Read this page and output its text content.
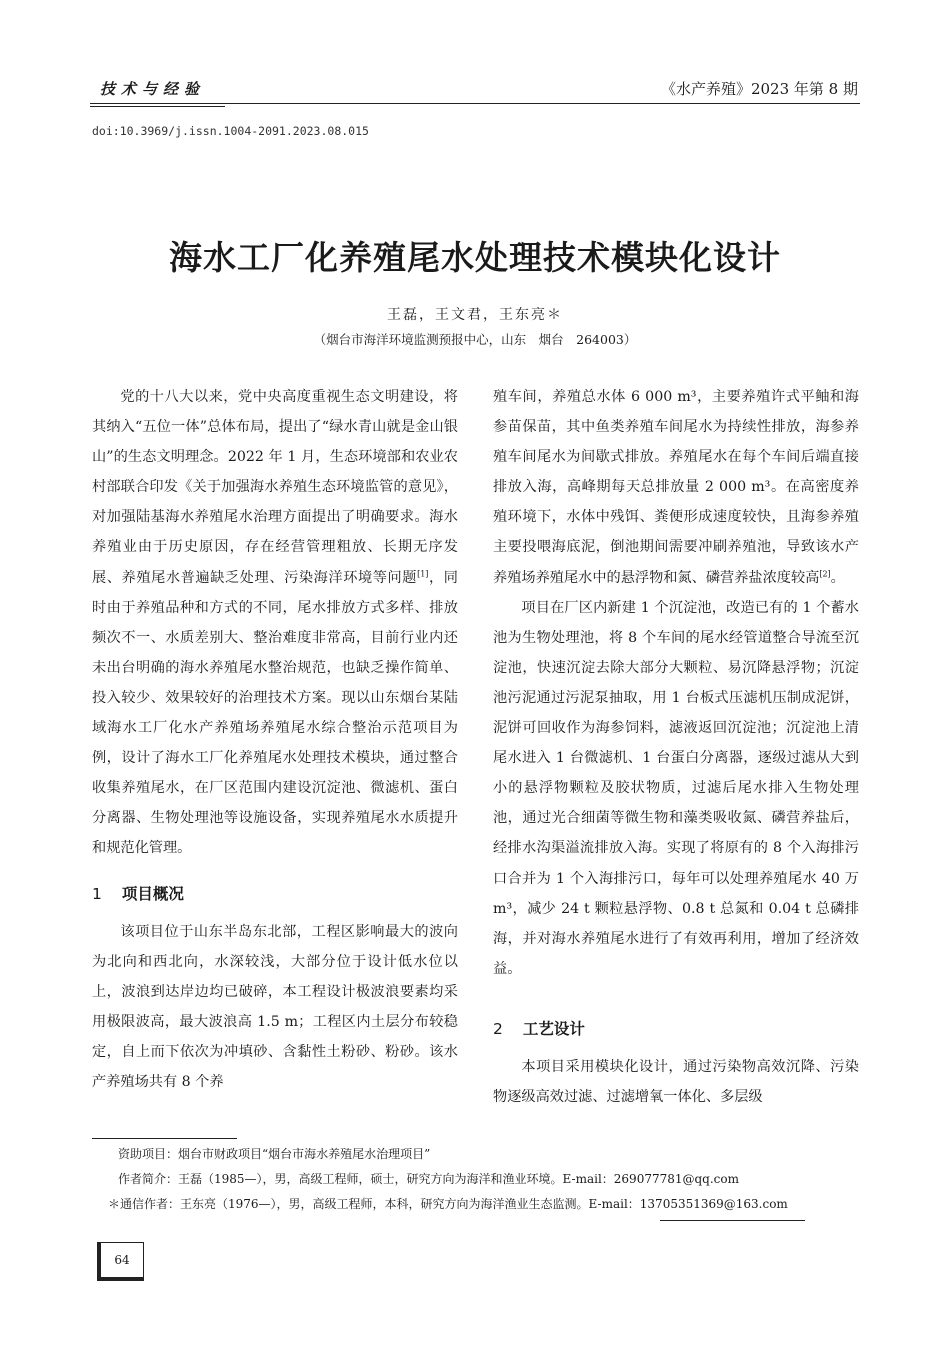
技术与经验	《水产养殖》2023 年第 8 期
doi:10.3969/j.issn.1004-2091.2023.08.015
海水工厂化养殖尾水处理技术模块化设计
王磊，王文君，王东亮＊
（烟台市海洋环境监测预报中心，山东　烟台　264003）

党的十八大以来，党中央高度重视生态文明建设，将其纳入“五位一体”总体布局，提出了“绿水青山就是金山银山”的生态文明理念。2022 年 1 月，生态环境部和农业农村部联合印发《关于加强海水养殖生态环境监管的意见》，对加强陆基海水养殖尾水治理方面提出了明确要求。海水养殖业由于历史原因，存在经营管理粗放、长期无序发展、养殖尾水普遍缺乏处理、污染海洋环境等问题[1]，同时由于养殖品种和方式的不同，尾水排放方式多样、排放频次不一、水质差别大、整治难度非常高，目前行业内还未出台明确的海水养殖尾水整治规范，也缺乏操作简单、投入较少、效果较好的治理技术方案。现以山东烟台某陆域海水工厂化水产养殖场养殖尾水综合整治示范项目为例，设计了海水工厂化养殖尾水处理技术模块，通过整合收集养殖尾水，在厂区范围内建设沉淀池、微滤机、蛋白分离器、生物处理池等设施设备，实现养殖尾水水质提升和规范化管理。

1 项目概况

该项目位于山东半岛东北部，工程区影响最大的波向为北向和西北向，水深较浅，大部分位于设计低水位以上，波浪到达岸边均已破碎，本工程设计极波浪要素均采用极限波高，最大波浪高 1.5 m；工程区内土层分布较稳定，自上而下依次为冲填砂、含黏性土粉砂、粉砂。该水产养殖场共有 8 个养

殖车间，养殖总水体 6 000 m³，主要养殖许式平鲉和海参苗保苗，其中鱼类养殖车间尾水为持续性排放，海参养殖车间尾水为间歇式排放。养殖尾水在每个车间后端直接排放入海，高峰期每天总排放量 2 000 m³。在高密度养殖环境下，水体中残饵、粪便形成速度较快，且海参养殖主要投喂海底泥，倒池期间需要冲刷养殖池，导致该水产养殖场养殖尾水中的悬浮物和氮、磷营养盐浓度较高[2]。

项目在厂区内新建 1 个沉淀池，改造已有的 1 个蓄水池为生物处理池，将 8 个车间的尾水经管道整合导流至沉淀池，快速沉淀去除大部分大颗粒、易沉降悬浮物；沉淀池污泥通过污泥泵抽取，用 1 台板式压滤机压制成泥饼，泥饼可回收作为海参饲料，滤液返回沉淀池；沉淀池上清尾水进入 1 台微滤机、1 台蛋白分离器，逐级过滤从大到小的悬浮物颗粒及胶状物质，过滤后尾水排入生物处理池，通过光合细菌等微生物和藻类吸收氮、磷营养盐后，经排水沟渠溢流排放入海。实现了将原有的 8 个入海排污口合并为 1 个入海排污口，每年可以处理养殖尾水 40 万m³，减少 24 t 颗粒悬浮物、0.8 t 总氮和 0.04 t 总磷排海，并对海水养殖尾水进行了有效再利用，增加了经济效益。

2 工艺设计

本项目采用模块化设计，通过污染物高效沉降、污染物逐级高效过滤、过滤增氧一体化、多层级

资助项目：烟台市财政项目“烟台市海水养殖尾水治理项目”
作者简介：王磊（1985—），男，高级工程师，硕士，研究方向为海洋和渔业环境。E-mail：269077781@qq.com
＊通信作者：王东亮（1976—），男，高级工程师，本科，研究方向为海洋渔业生态监测。E-mail：13705351369@163.com
64
